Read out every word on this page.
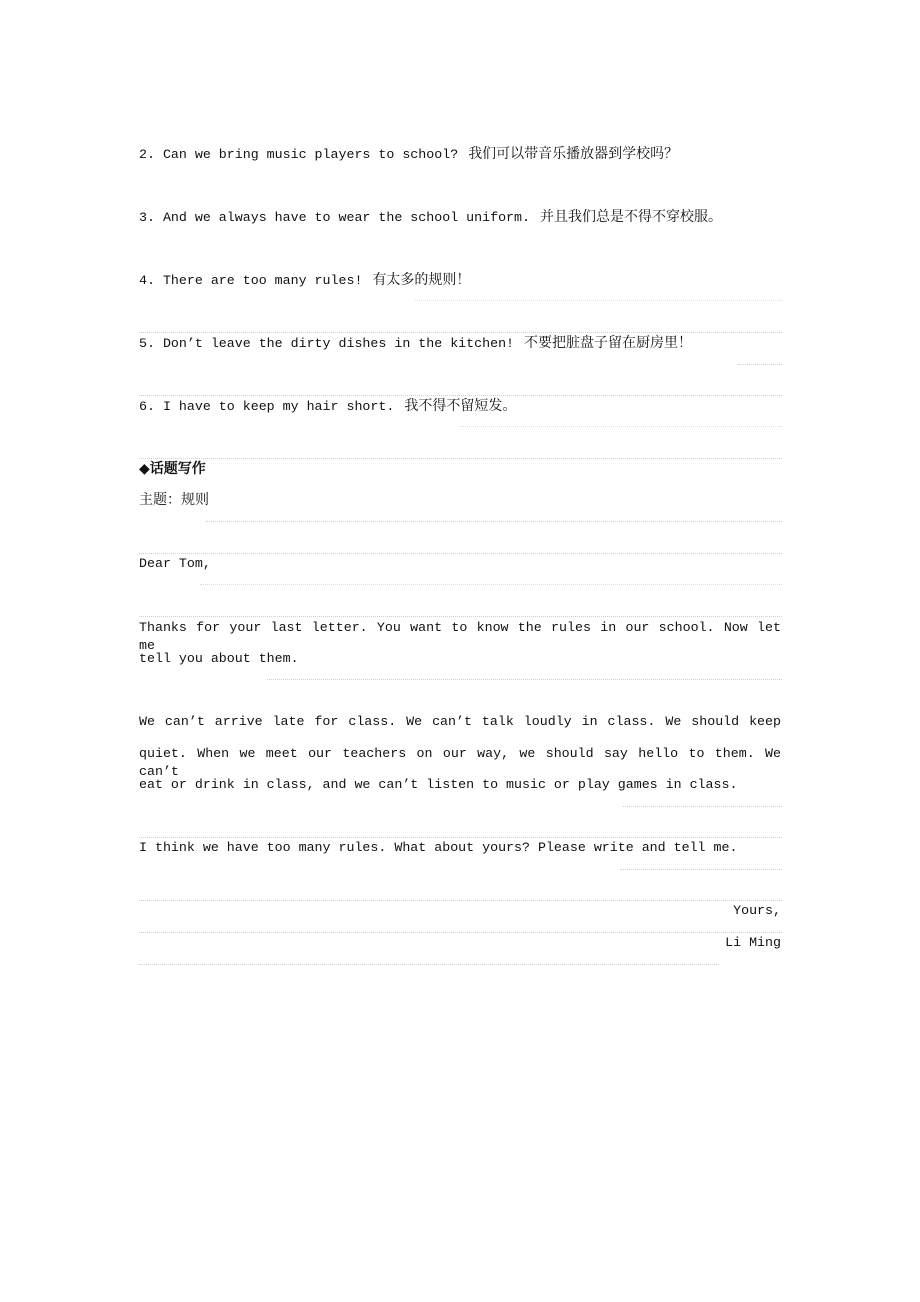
2. Can we bring music players to school? 我们可以带音乐播放器到学校吗？
3. And we always have to wear the school uniform. 并且我们总是不得不穿校服。
4. There are too many rules! 有太多的规则！
5. Don’t leave the dirty dishes in the kitchen! 不要把脏盘子留在厨房里！
6. I have to keep my hair short. 我不得不留短发。
◆话题写作
主题：规则
Dear Tom,
Thanks for your last letter. You want to know the rules in our school. Now let me
tell you about them.
We can’t arrive late for class. We can’t talk loudly in class. We should keep
quiet. When we meet our teachers on our way, we should say hello to them. We can’t
eat or drink in class, and we can’t listen to music or play games in class.
I think we have too many rules. What about yours? Please write and tell me.
Yours,
Li Ming
